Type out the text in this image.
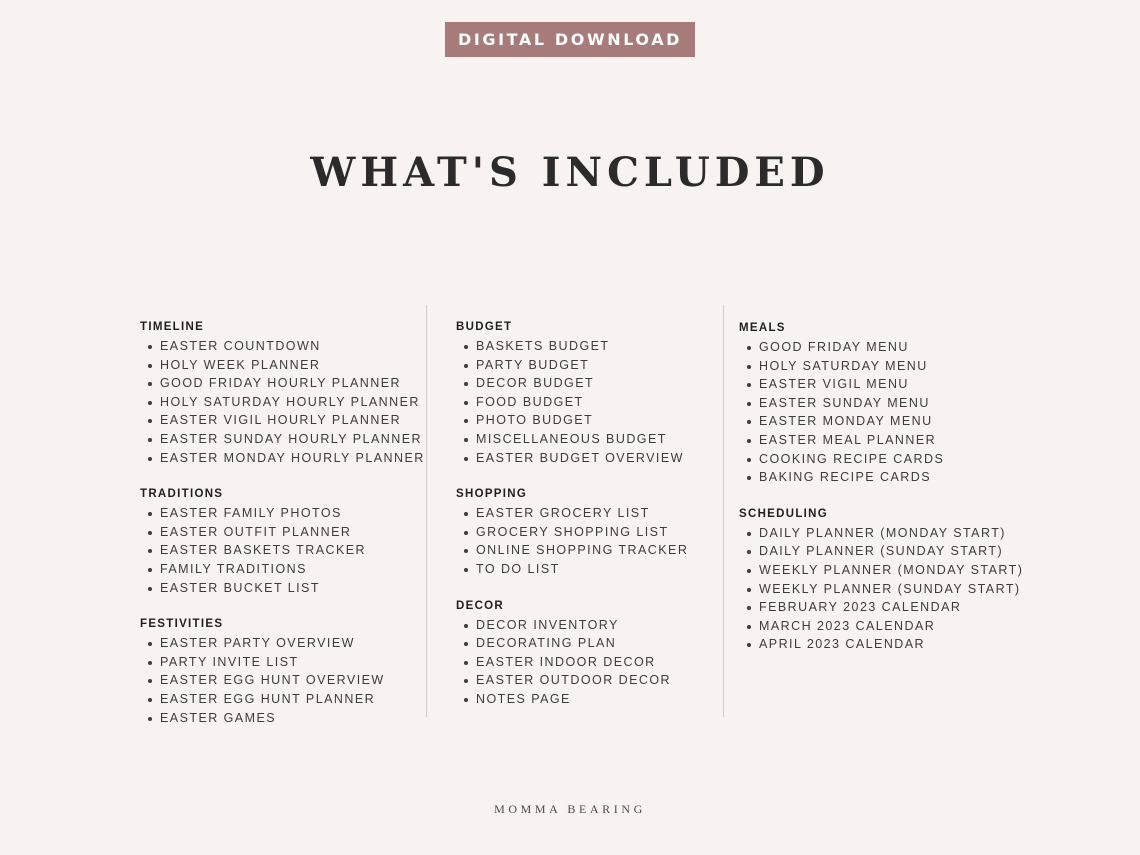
DIGITAL DOWNLOAD
WHAT'S INCLUDED
TIMELINE
EASTER COUNTDOWN
HOLY WEEK PLANNER
GOOD FRIDAY HOURLY PLANNER
HOLY SATURDAY HOURLY PLANNER
EASTER VIGIL HOURLY PLANNER
EASTER SUNDAY HOURLY PLANNER
EASTER MONDAY HOURLY PLANNER
TRADITIONS
EASTER FAMILY PHOTOS
EASTER OUTFIT PLANNER
EASTER BASKETS TRACKER
FAMILY TRADITIONS
EASTER BUCKET LIST
FESTIVITIES
EASTER PARTY OVERVIEW
PARTY INVITE LIST
EASTER EGG HUNT OVERVIEW
EASTER EGG HUNT PLANNER
EASTER GAMES
BUDGET
BASKETS BUDGET
PARTY BUDGET
DECOR BUDGET
FOOD BUDGET
PHOTO BUDGET
MISCELLANEOUS BUDGET
EASTER BUDGET OVERVIEW
SHOPPING
EASTER GROCERY LIST
GROCERY SHOPPING LIST
ONLINE SHOPPING TRACKER
TO DO LIST
DECOR
DECOR INVENTORY
DECORATING PLAN
EASTER INDOOR DECOR
EASTER OUTDOOR DECOR
NOTES PAGE
MEALS
GOOD FRIDAY MENU
HOLY SATURDAY MENU
EASTER VIGIL MENU
EASTER SUNDAY MENU
EASTER MONDAY MENU
EASTER MEAL PLANNER
COOKING RECIPE CARDS
BAKING RECIPE CARDS
SCHEDULING
DAILY PLANNER (MONDAY START)
DAILY PLANNER (SUNDAY START)
WEEKLY PLANNER (MONDAY START)
WEEKLY PLANNER (SUNDAY START)
FEBRUARY 2023 CALENDAR
MARCH 2023 CALENDAR
APRIL 2023 CALENDAR
MOMMA BEARING
